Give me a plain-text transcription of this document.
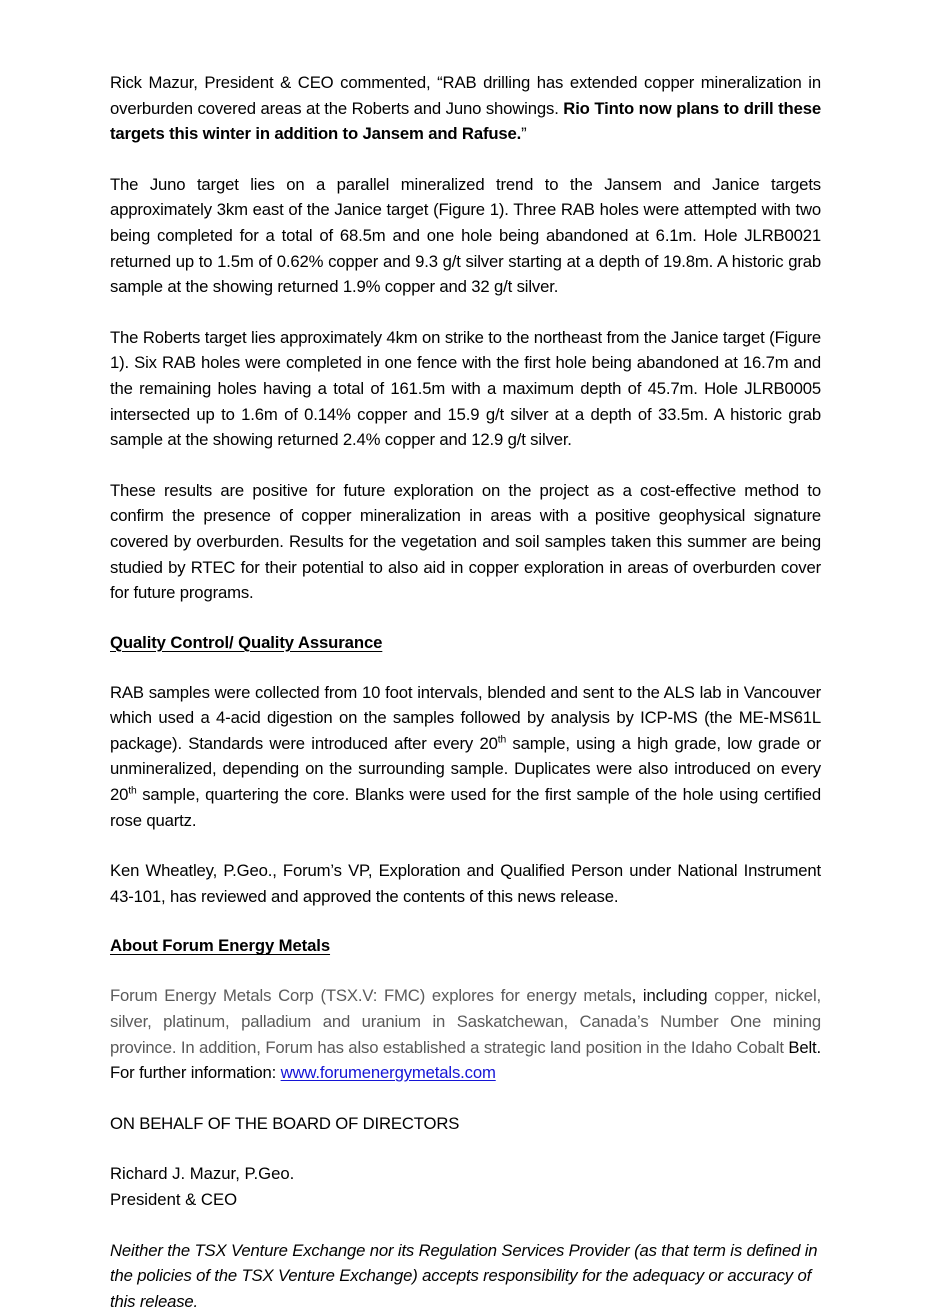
Rick Mazur, President & CEO commented, “RAB drilling has extended copper mineralization in overburden covered areas at the Roberts and Juno showings. Rio Tinto now plans to drill these targets this winter in addition to Jansem and Rafuse.”

The Juno target lies on a parallel mineralized trend to the Jansem and Janice targets approximately 3km east of the Janice target (Figure 1). Three RAB holes were attempted with two being completed for a total of 68.5m and one hole being abandoned at 6.1m. Hole JLRB0021 returned up to 1.5m of 0.62% copper and 9.3 g/t silver starting at a depth of 19.8m. A historic grab sample at the showing returned 1.9% copper and 32 g/t silver.

The Roberts target lies approximately 4km on strike to the northeast from the Janice target (Figure 1). Six RAB holes were completed in one fence with the first hole being abandoned at 16.7m and the remaining holes having a total of 161.5m with a maximum depth of 45.7m. Hole JLRB0005 intersected up to 1.6m of 0.14% copper and 15.9 g/t silver at a depth of 33.5m. A historic grab sample at the showing returned 2.4% copper and 12.9 g/t silver.

These results are positive for future exploration on the project as a cost-effective method to confirm the presence of copper mineralization in areas with a positive geophysical signature covered by overburden. Results for the vegetation and soil samples taken this summer are being studied by RTEC for their potential to also aid in copper exploration in areas of overburden cover for future programs.

Quality Control/ Quality Assurance

RAB samples were collected from 10 foot intervals, blended and sent to the ALS lab in Vancouver which used a 4-acid digestion on the samples followed by analysis by ICP-MS (the ME-MS61L package). Standards were introduced after every 20th sample, using a high grade, low grade or unmineralized, depending on the surrounding sample. Duplicates were also introduced on every 20th sample, quartering the core. Blanks were used for the first sample of the hole using certified rose quartz.

Ken Wheatley, P.Geo., Forum’s VP, Exploration and Qualified Person under National Instrument 43-101, has reviewed and approved the contents of this news release.

About Forum Energy Metals

Forum Energy Metals Corp (TSX.V: FMC) explores for energy metals, including copper, nickel, silver, platinum, palladium and uranium in Saskatchewan, Canada’s Number One mining province. In addition, Forum has also established a strategic land position in the Idaho Cobalt Belt. For further information: www.forumenergymetals.com

ON BEHALF OF THE BOARD OF DIRECTORS

Richard J. Mazur, P.Geo.
President & CEO

Neither the TSX Venture Exchange nor its Regulation Services Provider (as that term is defined in the policies of the TSX Venture Exchange) accepts responsibility for the adequacy or accuracy of this release.
